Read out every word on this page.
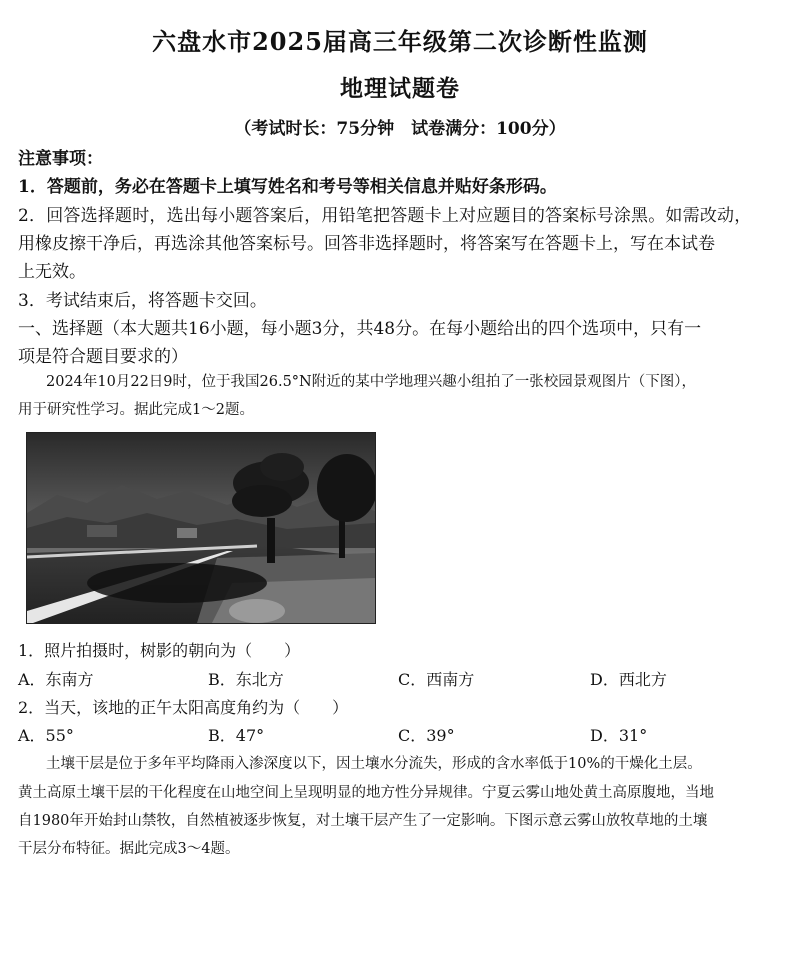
六盘水市2025届高三年级第二次诊断性监测
地理试题卷
（考试时长：75分钟　试卷满分：100分）
注意事项：
1．答题前，务必在答题卡上填写姓名和考号等相关信息并贴好条形码。
2．回答选择题时，选出每小题答案后，用铅笔把答题卡上对应题目的答案标号涂黑。如需改动，
用橡皮擦干净后，再选涂其他答案标号。回答非选择题时，将答案写在答题卡上，写在本试卷
上无效。
3．考试结束后，将答题卡交回。
一、选择题（本大题共16小题，每小题3分，共48分。在每小题给出的四个选项中，只有一
项是符合题目要求的）
2024年10月22日9时，位于我国26.5°N附近的某中学地理兴趣小组拍了一张校园景观图片（下图），
用于研究性学习。据此完成1～2题。
1．照片拍摄时，树影的朝向为（　　）
A．东南方	B．东北方	C．西南方	D．西北方
2．当天，该地的正午太阳高度角约为（　　）
A．55°	B．47°	C．39°	D．31°
土壤干层是位于多年平均降雨入渗深度以下，因土壤水分流失，形成的含水率低于10%的干燥化土层。
黄土高原土壤干层的干化程度在山地空间上呈现明显的地方性分异规律。宁夏云雾山地处黄土高原腹地，当地
自1980年开始封山禁牧，自然植被逐步恢复，对土壤干层产生了一定影响。下图示意云雾山放牧草地的土壤
干层分布特征。据此完成3～4题。
